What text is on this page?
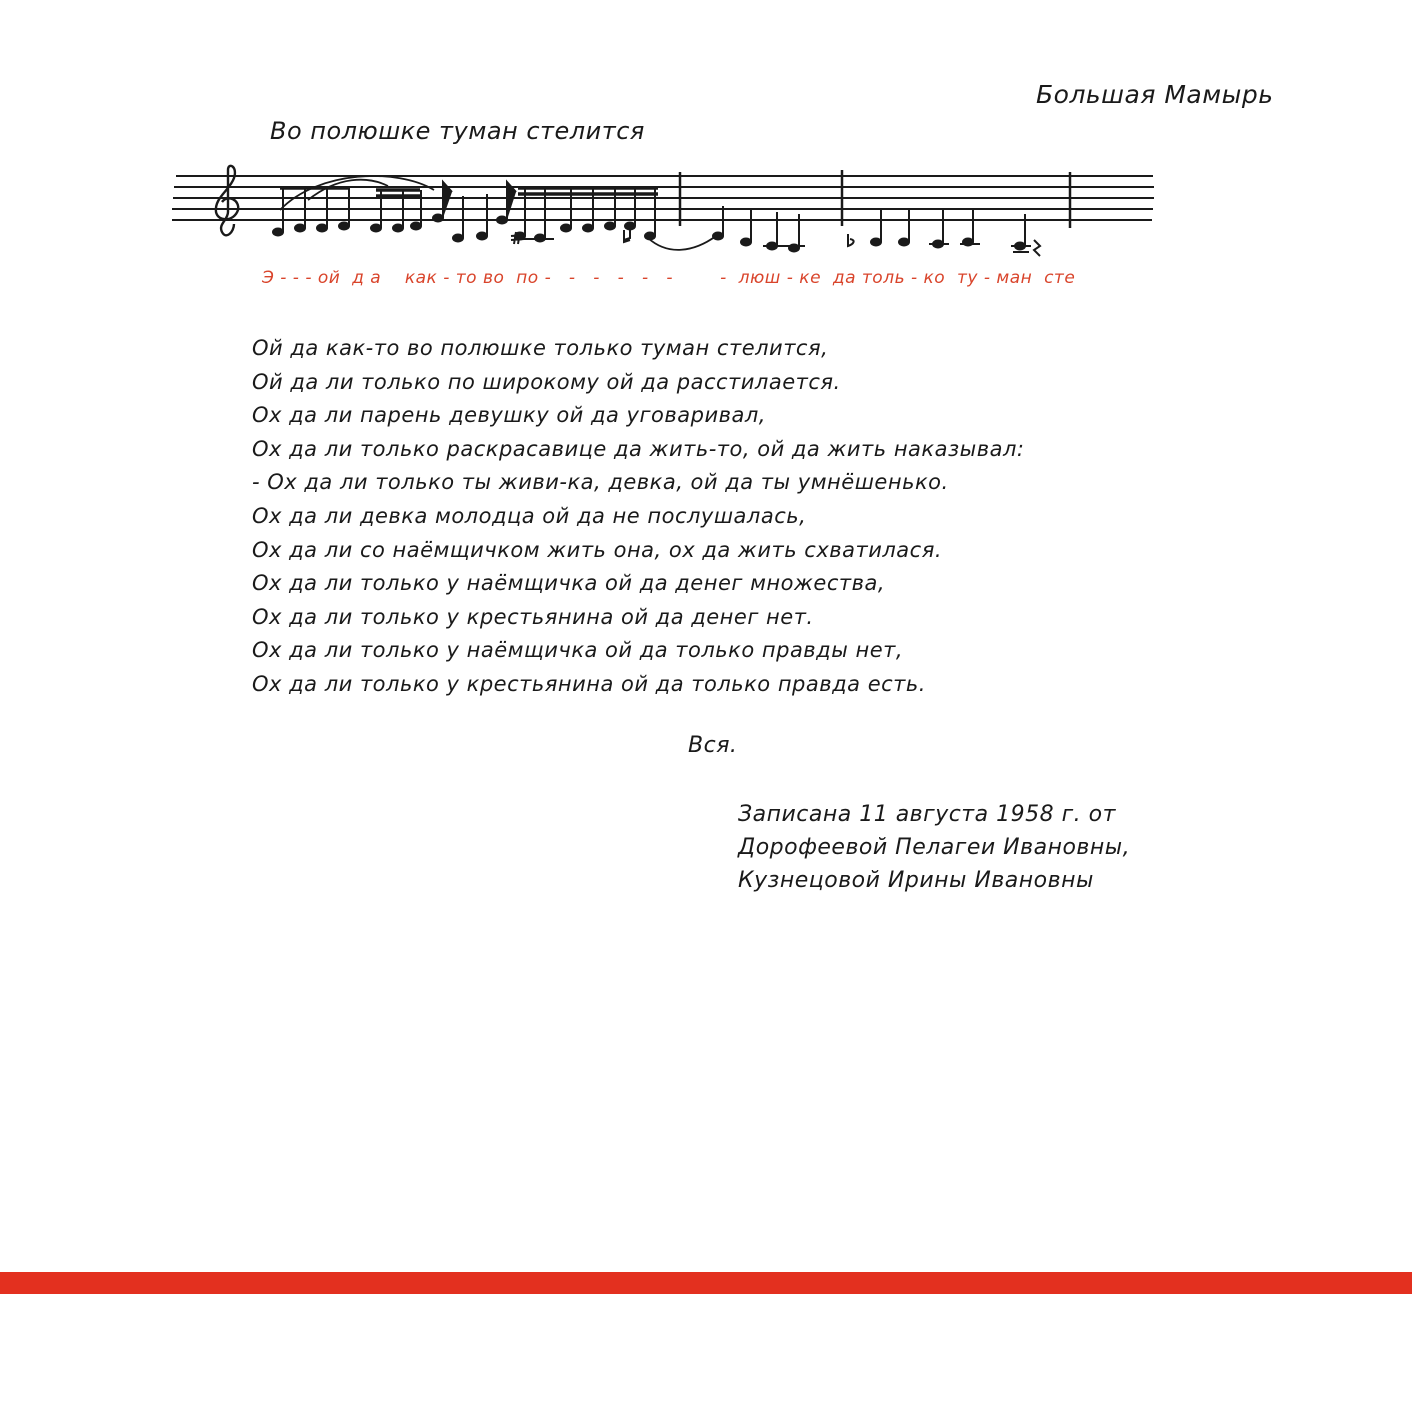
Большая Мамырь
Во полюшке туман стелится
Э - - - ой  д а    как - то во  по -   -   -   -   -   -        -  люш - ке  да толь - ко  ту - ман  сте
Ой да как-то во полюшке только туман стелится,
Ой да ли только по широкому ой да расстилается.
Ох да ли парень девушку ой да уговаривал,
Ох да ли только раскрасавице да жить-то, ой да жить наказывал:
- Ох да ли только ты живи-ка, девка, ой да ты умнёшенько.
Ох да ли девка молодца ой да не послушалась,
Ох да ли со наёмщичком жить она, ох да жить схватилася.
Ох да ли только у наёмщичка ой да денег множества,
Ох да ли только у крестьянина ой да денег нет.
Ох да ли только у наёмщичка ой да только правды нет,
Ох да ли только у крестьянина ой да только правда есть.
Вся.
Записана 11 августа 1958 г. от
Дорофеевой Пелагеи Ивановны,
Кузнецовой Ирины Ивановны
